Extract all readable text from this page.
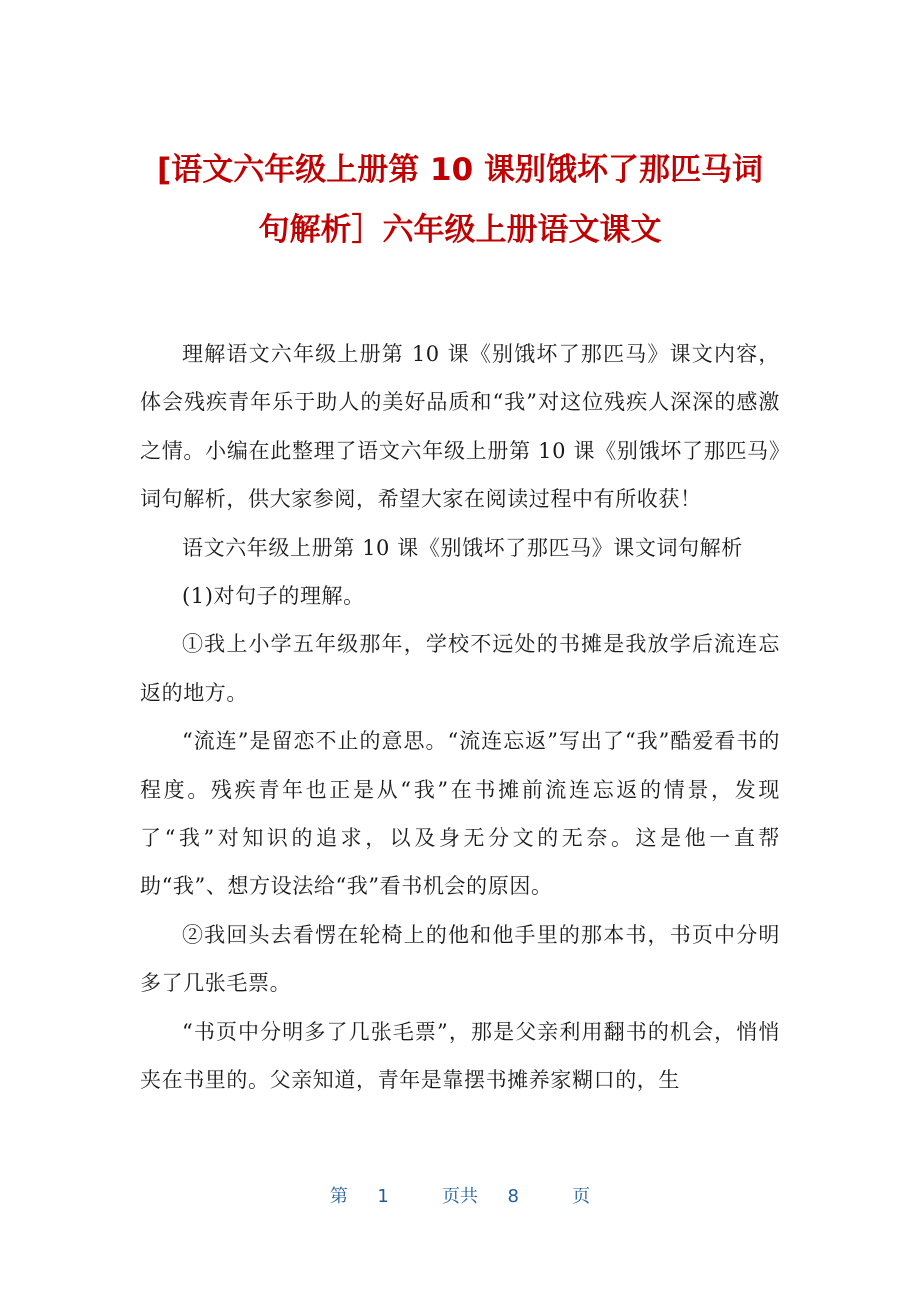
[语文六年级上册第 10 课别饿坏了那匹马词
句解析］六年级上册语文课文

理解语文六年级上册第 10 课《别饿坏了那匹马》课文内容，体会残疾青年乐于助人的美好品质和“我”对这位残疾人深深的感激之情。小编在此整理了语文六年级上册第 10 课《别饿坏了那匹马》词句解析，供大家参阅，希望大家在阅读过程中有所收获！

语文六年级上册第 10 课《别饿坏了那匹马》课文词句解析

(1)对句子的理解。

①我上小学五年级那年，学校不远处的书摊是我放学后流连忘返的地方。

“流连”是留恋不止的意思。“流连忘返”写出了“我”酷爱看书的程度。残疾青年也正是从“我”在书摊前流连忘返的情景，发现了“我”对知识的追求，以及身无分文的无奈。这是他一直帮助“我”、想方设法给“我”看书机会的原因。

②我回头去看愣在轮椅上的他和他手里的那本书，书页中分明多了几张毛票。

“书页中分明多了几张毛票”，那是父亲利用翻书的机会，悄悄夹在书里的。父亲知道，青年是靠摆书摊养家糊口的，生

第 1	页共 8	页
